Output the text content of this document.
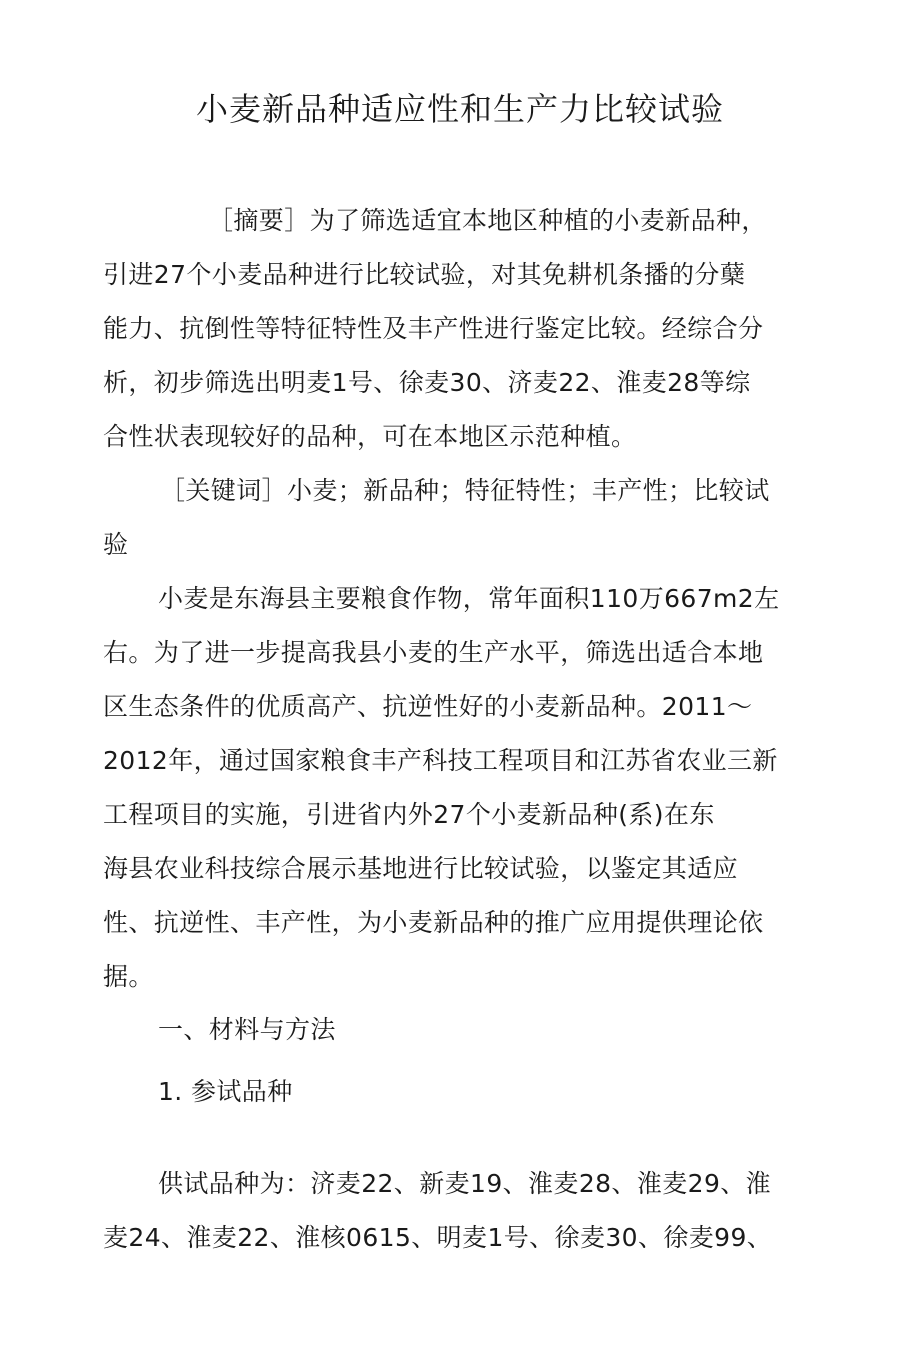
小麦新品种适应性和生产力比较试验
［摘要］为了筛选适宜本地区种植的小麦新品种，
引进27个小麦品种进行比较试验，对其免耕机条播的分蘖
能力、抗倒性等特征特性及丰产性进行鉴定比较。经综合分
析，初步筛选出明麦1号、徐麦30、济麦22、淮麦28等综
合性状表现较好的品种，可在本地区示范种植。
［关键词］小麦；新品种；特征特性；丰产性；比较试
验
小麦是东海县主要粮食作物，常年面积110万667m2左
右。为了进一步提高我县小麦的生产水平，筛选出适合本地
区生态条件的优质高产、抗逆性好的小麦新品种。2011～
2012年，通过国家粮食丰产科技工程项目和江苏省农业三新
工程项目的实施，引进省内外27个小麦新品种(系)在东
海县农业科技综合展示基地进行比较试验，以鉴定其适应
性、抗逆性、丰产性，为小麦新品种的推广应用提供理论依
据。
一、材料与方法
1. 参试品种
供试品种为：济麦22、新麦19、淮麦28、淮麦29、淮
麦24、淮麦22、淮核0615、明麦1号、徐麦30、徐麦99、
